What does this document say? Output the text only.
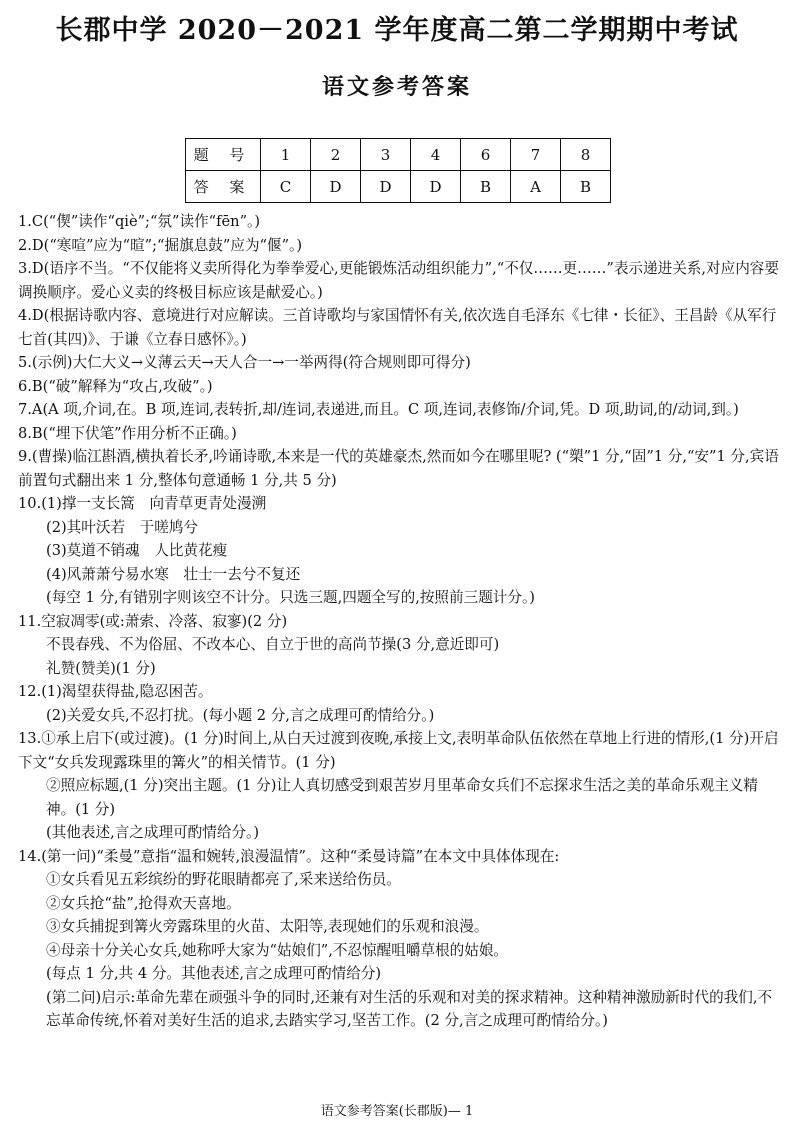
长郡中学 2020－2021 学年度高二第二学期期中考试
语文参考答案
题 号	1	2	3	4	6	7	8
答 案	C	D	D	D	B	A	B

1.C(“偰”读作“qiè”;“氛”读作“fēn”。)

2.D(“寒喧”应为“暄”;“掘旗息鼓”应为“偃”。)

3.D(语序不当。“不仅能将义卖所得化为拳拳爱心,更能锻炼活动组织能力”,“不仅……更……”表示递进关系,对应内容要调换顺序。爱心义卖的终极目标应该是献爱心。)

4.D(根据诗歌内容、意境进行对应解读。三首诗歌均与家国情怀有关,依次选自毛泽东《七律・长征》、王昌龄《从军行七首(其四)》、于谦《立春日感怀》。)

5.(示例)大仁大义→义薄云天→天人合一→一举两得(符合规则即可得分)

6.B(“破”解释为“攻占,攻破”。)

7.A(A 项,介词,在。B 项,连词,表转折,却/连词,表递进,而且。C 项,连词,表修饰/介词,凭。D 项,助词,的/动词,到。)

8.B(“埋下伏笔”作用分析不正确。)

9.(曹操)临江斟酒,横执着长矛,吟诵诗歌,本来是一代的英雄豪杰,然而如今在哪里呢? (“槊”1 分,“固”1 分,“安”1 分,宾语前置句式翻出来 1 分,整体句意通畅 1 分,共 5 分)

10.(1)撑一支长篙　向青草更青处漫溯

(2)其叶沃若　于嗟鸠兮

(3)莫道不销魂　人比黄花瘦

(4)风萧萧兮易水寒　壮士一去兮不复还

(每空 1 分,有错别字则该空不计分。只选三题,四题全写的,按照前三题计分。)

11.空寂凋零(或:萧索、冷落、寂寥)(2 分)

不畏春残、不为俗屈、不改本心、自立于世的高尚节操(3 分,意近即可)

礼赞(赞美)(1 分)

12.(1)渴望获得盐,隐忍困苦。

(2)关爱女兵,不忍打扰。(每小题 2 分,言之成理可酌情给分。)

13.①承上启下(或过渡)。(1 分)时间上,从白天过渡到夜晚,承接上文,表明革命队伍依然在草地上行进的情形,(1 分)开启下文“女兵发现露珠里的篝火”的相关情节。(1 分)

②照应标题,(1 分)突出主题。(1 分)让人真切感受到艰苦岁月里革命女兵们不忘探求生活之美的革命乐观主义精神。(1 分)

(其他表述,言之成理可酌情给分。)

14.(第一问)“柔曼”意指“温和婉转,浪漫温情”。这种“柔曼诗篇”在本文中具体体现在:

①女兵看见五彩缤纷的野花眼睛都亮了,采来送给伤员。

②女兵抢“盐”,抢得欢天喜地。

③女兵捕捉到篝火旁露珠里的火苗、太阳等,表现她们的乐观和浪漫。

④母亲十分关心女兵,她称呼大家为“姑娘们”,不忍惊醒咀嚼草根的姑娘。

(每点 1 分,共 4 分。其他表述,言之成理可酌情给分)

(第二问)启示:革命先辈在顽强斗争的同时,还兼有对生活的乐观和对美的探求精神。这种精神激励新时代的我们,不忘革命传统,怀着对美好生活的追求,去踏实学习,坚苦工作。(2 分,言之成理可酌情给分。)

语文参考答案(长郡版)— 1
